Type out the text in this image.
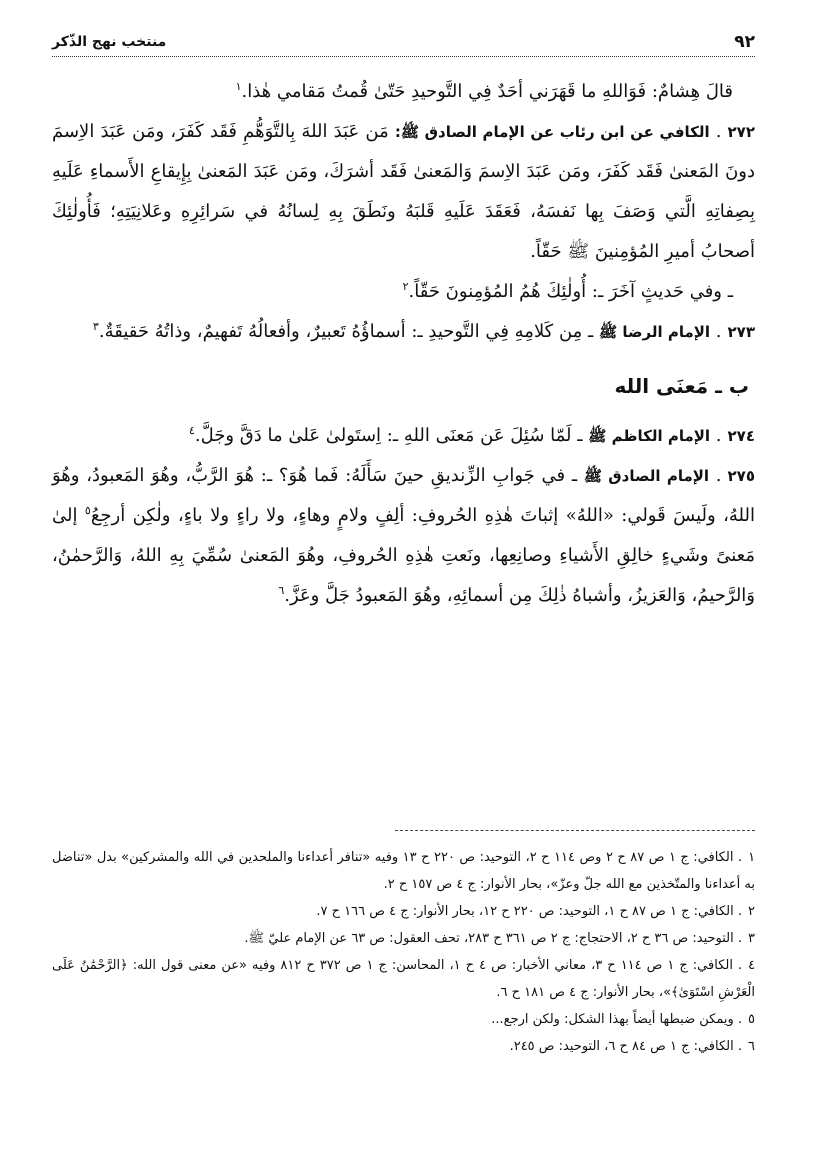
٩٢
منتخب نهج الذّكر

قالَ هِشامٌ: فَوَاللهِ ما قَهَرَني أحَدٌ فِي التَّوحيدِ حَتّىٰ قُمتُ مَقامي هٰذا.$^١$

٢٧٢. الكافي عن ابن رئاب عن الإمام الصادق ﷺ: مَن عَبَدَ اللهَ بِالتَّوَهُّمِ فَقَد كَفَرَ، ومَن عَبَدَ الاِسمَ دونَ المَعنىٰ فَقَد كَفَرَ، ومَن عَبَدَ الاِسمَ وَالمَعنىٰ فَقَد أشرَكَ، ومَن عَبَدَ المَعنىٰ بِإِيقاعِ الأَسماءِ عَلَيهِ بِصِفاتِهِ الَّتي وَصَفَ بِها نَفسَهُ، فَعَقَدَ عَلَيهِ قَلبَهُ ونَطَقَ بِهِ لِسانُهُ في سَرائِرِهِ وعَلانِيَتِهِ؛ فَأُولٰئِكَ أصحابُ أميرِ المُؤمِنينَ ﷺ حَقّاً.

ـ وفي حَديثٍ آخَرَ ـ: أُولٰئِكَ هُمُ المُؤمِنونَ حَقّاً.$^٢$

٢٧٣. الإمام الرضا ﷺ ـ مِن كَلامِهِ فِي التَّوحيدِ ـ: أسماؤُهُ تَعبيرٌ، وأفعالُهُ تَفهيمٌ، وذاتُهُ حَقيقَةٌ.$^٣$

ب ـ مَعنَى الله

٢٧٤. الإمام الكاظم ﷺ ـ لَمّا سُئِلَ عَن مَعنَى اللهِ ـ: اِستَولىٰ عَلىٰ ما دَقَّ وجَلَّ.$^٤$

٢٧٥. الإمام الصادق ﷺ ـ في جَوابِ الزِّنديقِ حينَ سَأَلَهُ: فَما هُوَ؟ ـ: هُوَ الرَّبُّ، وهُوَ المَعبودُ، وهُوَ اللهُ، ولَيسَ قَولي: «اللهُ» إثباتَ هٰذِهِ الحُروفِ: ألِفٍ ولامٍ وهاءٍ، ولا راءٍ ولا باءٍ، ولٰكِن أرجِعُ$^٥$ إلىٰ مَعنىً وشَيءٍ خالِقِ الأَشياءِ وصانِعِها، ونَعتِ هٰذِهِ الحُروفِ، وهُوَ المَعنىٰ سُمِّيَ بِهِ اللهُ، وَالرَّحمٰنُ، وَالرَّحيمُ، وَالعَزيزُ، وأشباهُ ذٰلِكَ مِن أسمائِهِ، وهُوَ المَعبودُ جَلَّ وعَزَّ.$^٦$

١. الكافي: ج ١ ص ٨٧ ح ٢ وص ١١٤ ح ٢، التوحيد: ص ٢٢٠ ح ١٣ وفيه «تنافر أعداءنا والملحدين في الله والمشركين» بدل «تناضل به أعداءنا والمتّخذين مع الله جلّ وعزّ»، بحار الأنوار: ج ٤ ص ١٥٧ ح ٢.

٢. الكافي: ج ١ ص ٨٧ ح ١، التوحيد: ص ٢٢٠ ح ١٢، بحار الأنوار: ج ٤ ص ١٦٦ ح ٧.

٣. التوحيد: ص ٣٦ ح ٢، الاحتجاج: ج ٢ ص ٣٦١ ح ٢٨٣، تحف العقول: ص ٦٣ عن الإمام عليّ ﷺ.

٤. الكافي: ج ١ ص ١١٤ ح ٣، معاني الأخبار: ص ٤ ح ١، المحاسن: ج ١ ص ٣٧٢ ح ٨١٢ وفيه «عن معنى قول الله: ﴿الرَّحْمَٰنُ عَلَى الْعَرْشِ اسْتَوَىٰ﴾»، بحار الأنوار: ج ٤ ص ١٨١ ح ٦.

٥. ويمكن ضبطها أيضاً بهذا الشكل: ولكن ارجع...

٦. الكافي: ج ١ ص ٨٤ ح ٦، التوحيد: ص ٢٤٥.
